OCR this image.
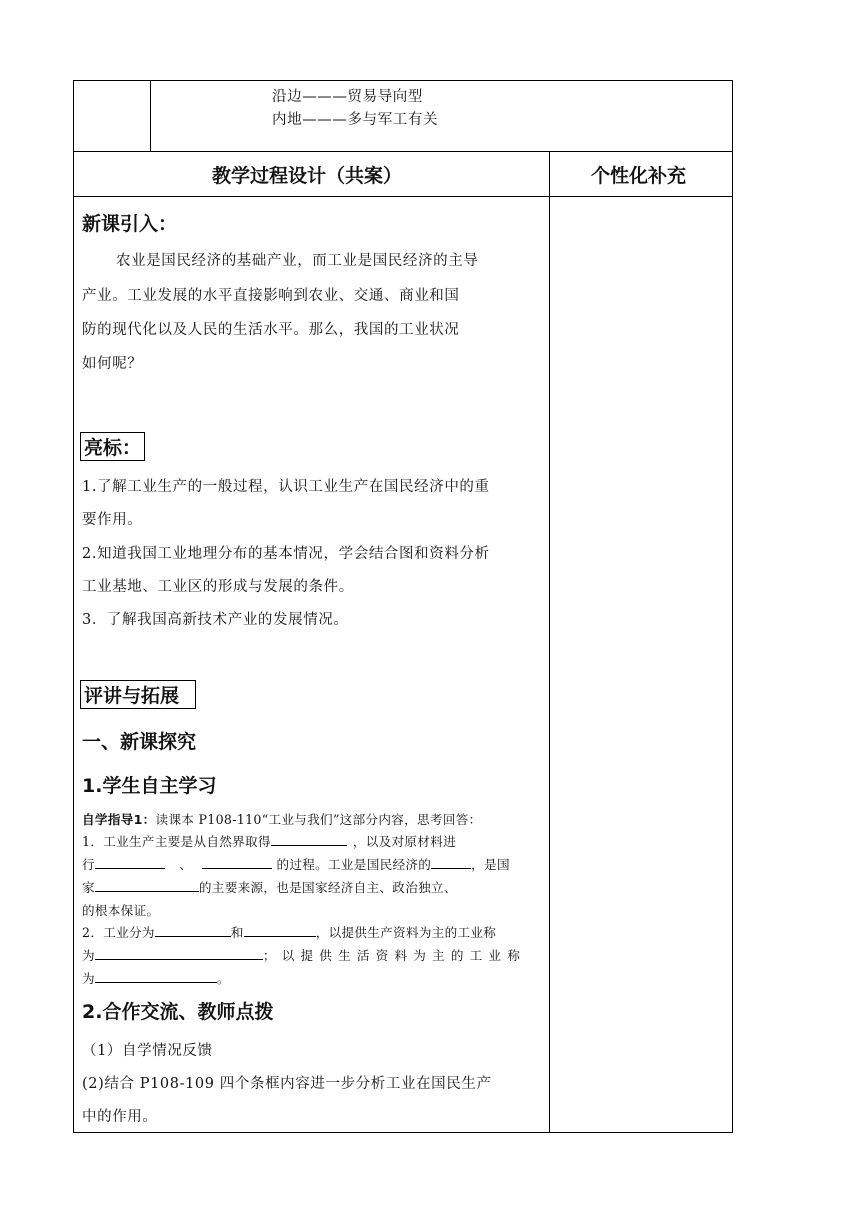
沿边———贸易导向型
内地———多与军工有关
教学过程设计（共案）	个性化补充
新课引入：
农业是国民经济的基础产业，而工业是国民经济的主导
产业。工业发展的水平直接影响到农业、交通、商业和国
防的现代化以及人民的生活水平。那么，我国的工业状况
如何呢？
亮标：
1.了解工业生产的一般过程，认识工业生产在国民经济中的重
要作用。
2.知道我国工业地理分布的基本情况，学会结合图和资料分析
工业基地、工业区的形成与发展的条件。
3．了解我国高新技术产业的发展情况。
评讲与拓展
一、新课探究
1.学生自主学习
自学指导1：读课本 P108-110“工业与我们”这部分内容，思考回答：
1．工业生产主要是从自然界取得	，以及对原材料进
行	、	的过程。工业是国民经济的	，是国
家	的主要来源，也是国家经济自主、政治独立、
的根本保证。
2．工业分为	和	，以提供生产资料为主的工业称
为	；以提供生活资料为主的工业称
为	。
2.合作交流、教师点拨
（1）自学情况反馈
(2)结合 P108-109 四个条框内容进一步分析工业在国民生产
中的作用。
